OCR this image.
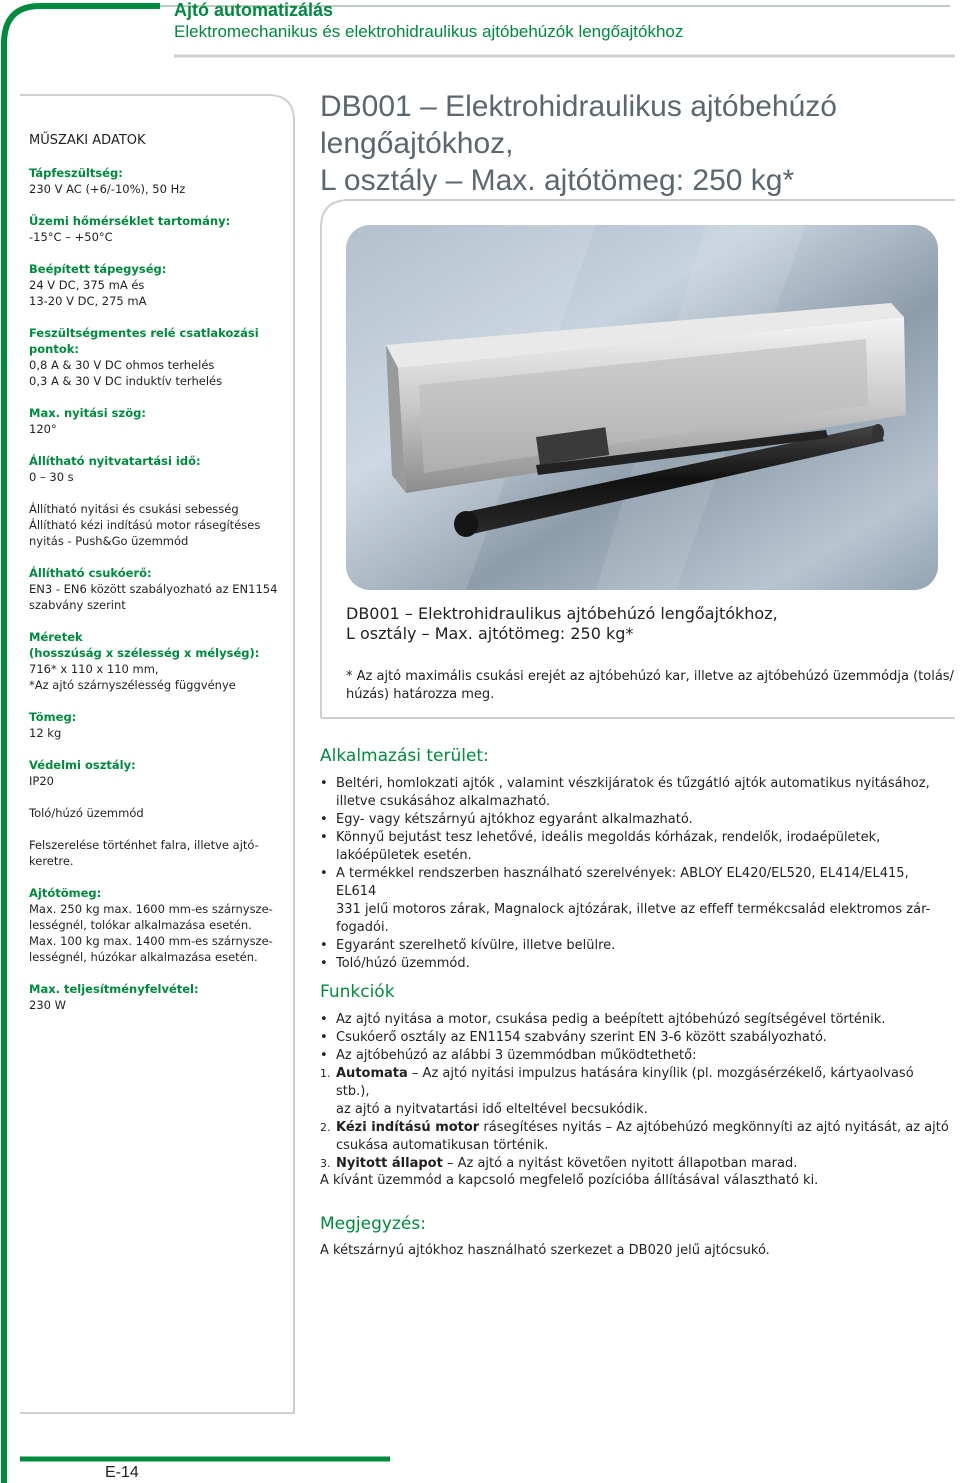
Ajtó automatizálás
Elektromechanikus és elektrohidraulikus ajtóbehúzók lengőajtókhoz
MŰSZAKI ADATOK
Tápfeszültség:
230 V AC (+6/-10%), 50 Hz
Üzemi hőmérséklet tartomány:
-15°C – +50°C
Beépített tápegység:
24 V DC, 375 mA és
13-20 V DC, 275 mA
Feszültségmentes relé csatlakozási
pontok:
0,8 A & 30 V DC ohmos terhelés
0,3 A & 30 V DC induktív terhelés
Max. nyitási szög:
120°
Állítható nyitvatartási idő:
0 – 30 s
Állítható nyitási és csukási sebesség
Állítható kézi indítású motor rásegítéses
nyitás - Push&Go üzemmód
Állítható csukóerő:
EN3 - EN6 között szabályozható az EN1154
szabvány szerint
Méretek
(hosszúság x szélesség x mélység):
716* x 110 x 110 mm,
*Az ajtó szárnyszélesség függvénye
Tömeg:
12 kg
Védelmi osztály:
IP20
Toló/húzó üzemmód
Felszerelése történhet falra, illetve ajtó-
keretre.
Ajtótömeg:
Max. 250 kg max. 1600 mm-es szárnysze-
lességnél, tolókar alkalmazása esetén.
Max. 100 kg max. 1400 mm-es szárnysze-
lességnél, húzókar alkalmazása esetén.
Max. teljesítményfelvétel:
230 W
DB001 – Elektrohidraulikus ajtóbehúzó
lengőajtókhoz,
L osztály – Max. ajtótömeg: 250 kg*
DB001 – Elektrohidraulikus ajtóbehúzó lengőajtókhoz,
L osztály – Max. ajtótömeg: 250 kg*
* Az ajtó maximális csukási erejét az ajtóbehúzó kar, illetve az ajtóbehúzó üzemmódja (tolás/
húzás) határozza meg.
Alkalmazási terület:
• Beltéri, homlokzati ajtók , valamint vészkijáratok és tűzgátló ajtók automatikus nyitásához,
illetve csukásához alkalmazható.
• Egy- vagy kétszárnyú ajtókhoz egyaránt alkalmazható.
• Könnyű bejutást tesz lehetővé, ideális megoldás kórházak, rendelők, irodaépületek,
lakóépületek esetén.
• A termékkel rendszerben használható szerelvények: ABLOY EL420/EL520, EL414/EL415, EL614
331 jelű motoros zárak, Magnalock ajtózárak, illetve az effeff termékcsalád elektromos zár-
fogadói.
• Egyaránt szerelhető kívülre, illetve belülre.
• Toló/húzó üzemmód.
Funkciók
• Az ajtó nyitása a motor, csukása pedig a beépített ajtóbehúzó segítségével történik.
• Csukóerő osztály az EN1154 szabvány szerint EN 3-6 között szabályozható.
• Az ajtóbehúzó az alábbi 3 üzemmódban működtethető:
1. Automata – Az ajtó nyitási impulzus hatására kinyílik (pl. mozgásérzékelő, kártyaolvasó stb.),
az ajtó a nyitvatartási idő elteltével becsukódik.
2. Kézi indítású motor rásegítéses nyitás – Az ajtóbehúzó megkönnyíti az ajtó nyitását, az ajtó
csukása automatikusan történik.
3. Nyitott állapot – Az ajtó a nyitást követően nyitott állapotban marad.
A kívánt üzemmód a kapcsoló megfelelő pozícióba állításával választható ki.
Megjegyzés:
A kétszárnyú ajtókhoz használható szerkezet a DB020 jelű ajtócsukó.
E-14
